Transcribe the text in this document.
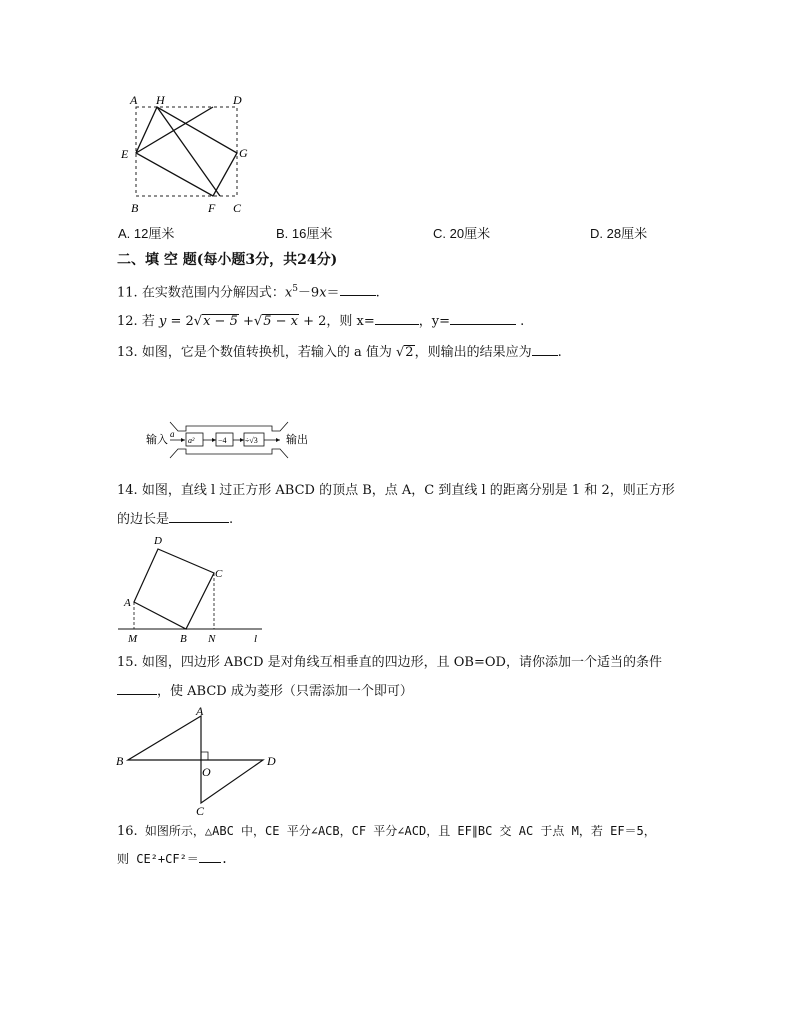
A H	D
E	G
B	F C
A. 12厘米	B. 16厘米	C. 20厘米	D. 28厘米
二、填 空 题(每小题3分，共24分)
11. 在实数范围内分解因式：$x^5-9x=$	.
12. 若 y = 2√x − 5 +√5 − x + 2，则 x=	，y=	.
13. 如图，它是个数值转换机，若输入的 a 值为 √2，则输出的结果应为 .
输入 a
a²	−4 ÷√3	输出
14. 如图，直线 l 过正方形 ABCD 的顶点 B，点 A，C 到直线 l 的距离分别是 1 和 2，则正方形
的边长是	.
D
C
A
M	B N	l
15. 如图，四边形 ABCD 是对角线互相垂直的四边形，且 OB=OD，请你添加一个适当的条件
，使 ABCD 成为菱形（只需添加一个即可）
A
B
O
D
C
16. 如图所示，△ABC 中，CE 平分∠ACB，CF 平分∠ACD，且 EF∥BC 交 AC 于点 M，若 EF＝5，
则 CE²+CF²＝ .
